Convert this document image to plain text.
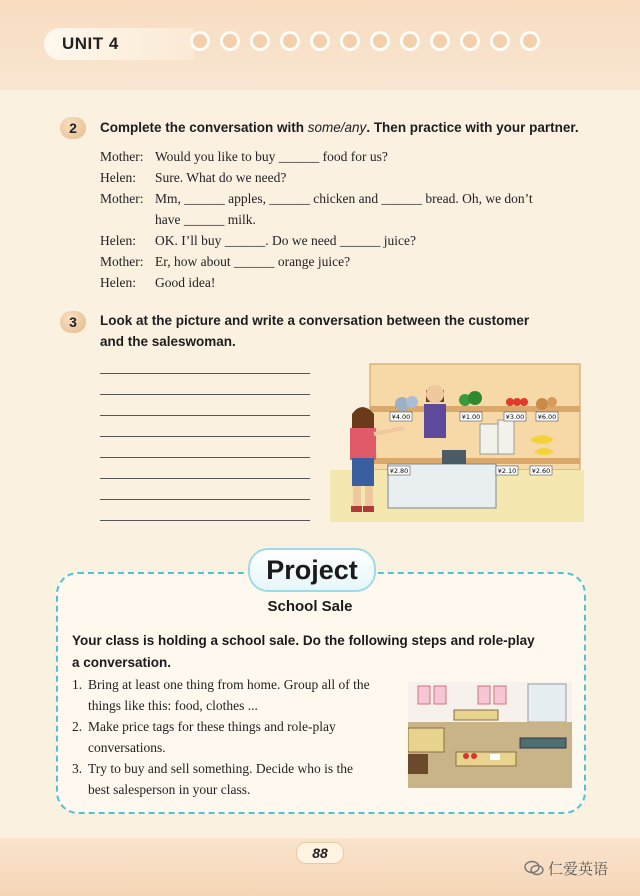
UNIT 4
2	Complete the conversation with some/any. Then practice with your partner.
Mother: Would you like to buy ______ food for us?
Helen:	Sure. What do we need?
Mother: Mm, ______ apples, ______ chicken and ______ bread. Oh, we don’t
have ______ milk.
Helen:	OK. I’ll buy ______. Do we need ______ juice?
Mother: Er, how about ______ orange juice?
Helen:	Good idea!
3	Look at the picture and write a conversation between the customer
and the saleswoman.
¥4.00	¥1.00	¥3.00 ¥6.00
¥2.80	¥2.10 ¥2.60
Project
School Sale
Your class is holding a school sale. Do the following steps and role-play
a conversation.
1. Bring at least one thing from home. Group all of the
things like this: food, clothes ...
2. Make price tags for these things and role-play
conversations.
3. Try to buy and sell something. Decide who is the
best salesperson in your class.
88
仁爱英语
